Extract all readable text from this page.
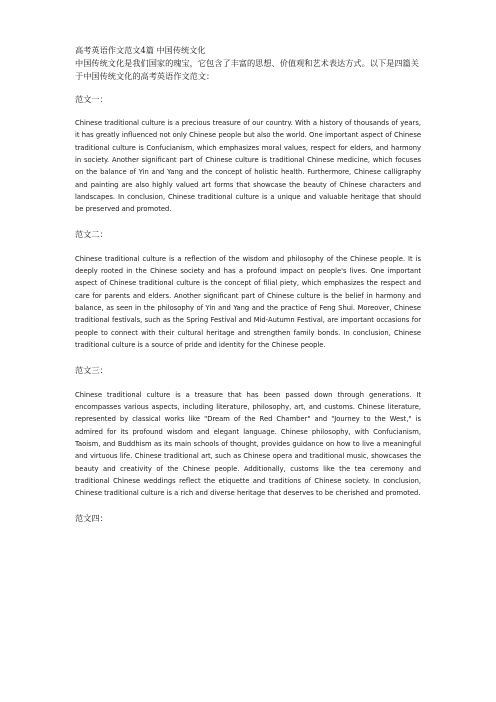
高考英语作文范文4篇 中国传统文化

中国传统文化是我们国家的瑰宝，它包含了丰富的思想、价值观和艺术表达方式。以下是四篇关于中国传统文化的高考英语作文范文：

范文一：

Chinese traditional culture is a precious treasure of our country. With a history of thousands of years, it has greatly influenced not only Chinese people but also the world. One important aspect of Chinese traditional culture is Confucianism, which emphasizes moral values, respect for elders, and harmony in society. Another significant part of Chinese culture is traditional Chinese medicine, which focuses on the balance of Yin and Yang and the concept of holistic health. Furthermore, Chinese calligraphy and painting are also highly valued art forms that showcase the beauty of Chinese characters and landscapes. In conclusion, Chinese traditional culture is a unique and valuable heritage that should be preserved and promoted.

范文二：

Chinese traditional culture is a reflection of the wisdom and philosophy of the Chinese people. It is deeply rooted in the Chinese society and has a profound impact on people's lives. One important aspect of Chinese traditional culture is the concept of filial piety, which emphasizes the respect and care for parents and elders. Another significant part of Chinese culture is the belief in harmony and balance, as seen in the philosophy of Yin and Yang and the practice of Feng Shui. Moreover, Chinese traditional festivals, such as the Spring Festival and Mid-Autumn Festival, are important occasions for people to connect with their cultural heritage and strengthen family bonds. In conclusion, Chinese traditional culture is a source of pride and identity for the Chinese people.

范文三：

Chinese traditional culture is a treasure that has been passed down through generations. It encompasses various aspects, including literature, philosophy, art, and customs. Chinese literature, represented by classical works like "Dream of the Red Chamber" and "Journey to the West," is admired for its profound wisdom and elegant language. Chinese philosophy, with Confucianism, Taoism, and Buddhism as its main schools of thought, provides guidance on how to live a meaningful and virtuous life. Chinese traditional art, such as Chinese opera and traditional music, showcases the beauty and creativity of the Chinese people. Additionally, customs like the tea ceremony and traditional Chinese weddings reflect the etiquette and traditions of Chinese society. In conclusion, Chinese traditional culture is a rich and diverse heritage that deserves to be cherished and promoted.

范文四：
